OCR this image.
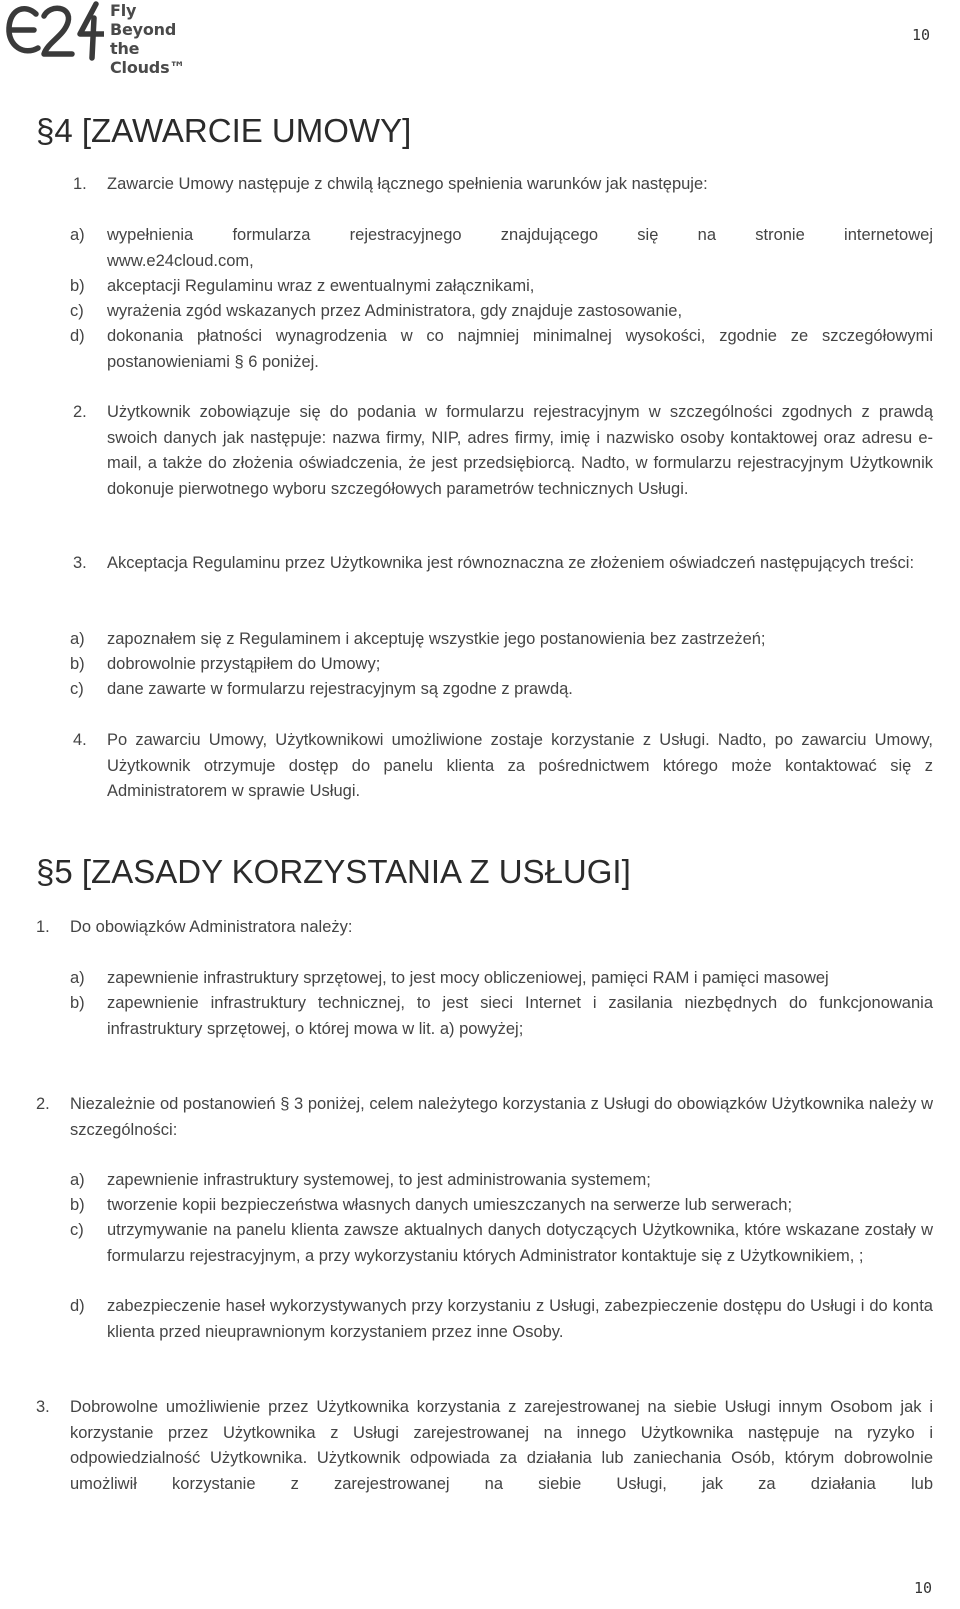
Fly
Beyond
the Clouds™
10
§4 [ZAWARCIE UMOWY]
1. Zawarcie Umowy następuje z chwilą łącznego spełnienia warunków jak następuje:
a) wypełnienia formularza rejestracyjnego znajdującego się na stronie internetowej
www.e24cloud.com,
b) akceptacji Regulaminu wraz z ewentualnymi załącznikami,
c) wyrażenia zgód wskazanych przez Administratora, gdy znajduje zastosowanie,
d) dokonania płatności wynagrodzenia w co najmniej minimalnej wysokości, zgodnie ze szczegółowymi postanowieniami § 6 poniżej.
2. Użytkownik zobowiązuje się do podania w formularzu rejestracyjnym w szczególności zgodnych z prawdą swoich danych jak następuje: nazwa firmy, NIP, adres firmy, imię i nazwisko osoby kontaktowej oraz adresu e-mail, a także do złożenia oświadczenia, że jest przedsiębiorcą. Nadto, w formularzu rejestracyjnym Użytkownik dokonuje pierwotnego wyboru szczegółowych parametrów technicznych Usługi.
3. Akceptacja Regulaminu przez Użytkownika jest równoznaczna ze złożeniem oświadczeń następujących treści:
a) zapoznałem się z Regulaminem i akceptuję wszystkie jego postanowienia bez zastrzeżeń;
b) dobrowolnie przystąpiłem do Umowy;
c) dane zawarte w formularzu rejestracyjnym są zgodne z prawdą.
4. Po zawarciu Umowy, Użytkownikowi umożliwione zostaje korzystanie z Usługi. Nadto, po zawarciu Umowy, Użytkownik otrzymuje dostęp do panelu klienta za pośrednictwem którego może kontaktować się z Administratorem w sprawie Usługi.
§5 [ZASADY KORZYSTANIA Z USŁUGI]
1. Do obowiązków Administratora należy:
a) zapewnienie infrastruktury sprzętowej, to jest mocy obliczeniowej, pamięci RAM i pamięci masowej
b) zapewnienie infrastruktury technicznej, to jest sieci Internet i zasilania niezbędnych do funkcjonowania infrastruktury sprzętowej, o której mowa w lit. a) powyżej;
2. Niezależnie od postanowień § 3 poniżej, celem należytego korzystania z Usługi do obowiązków Użytkownika należy w szczególności:
a) zapewnienie infrastruktury systemowej, to jest administrowania systemem;
b) tworzenie kopii bezpieczeństwa własnych danych umieszczanych na serwerze lub serwerach;
c) utrzymywanie na panelu klienta zawsze aktualnych danych dotyczących Użytkownika, które wskazane zostały w formularzu rejestracyjnym, a przy wykorzystaniu których Administrator kontaktuje się z Użytkownikiem, ;
d) zabezpieczenie haseł wykorzystywanych przy korzystaniu z Usługi, zabezpieczenie dostępu do Usługi i do konta klienta przed nieuprawnionym korzystaniem przez inne Osoby.
3. Dobrowolne umożliwienie przez Użytkownika korzystania z zarejestrowanej na siebie Usługi innym Osobom jak i korzystanie przez Użytkownika z Usługi zarejestrowanej na innego Użytkownika następuje na ryzyko i odpowiedzialność Użytkownika. Użytkownik odpowiada za działania lub zaniechania Osób, którym dobrowolnie umożliwił korzystanie z zarejestrowanej na siebie Usługi, jak za działania lub
10
